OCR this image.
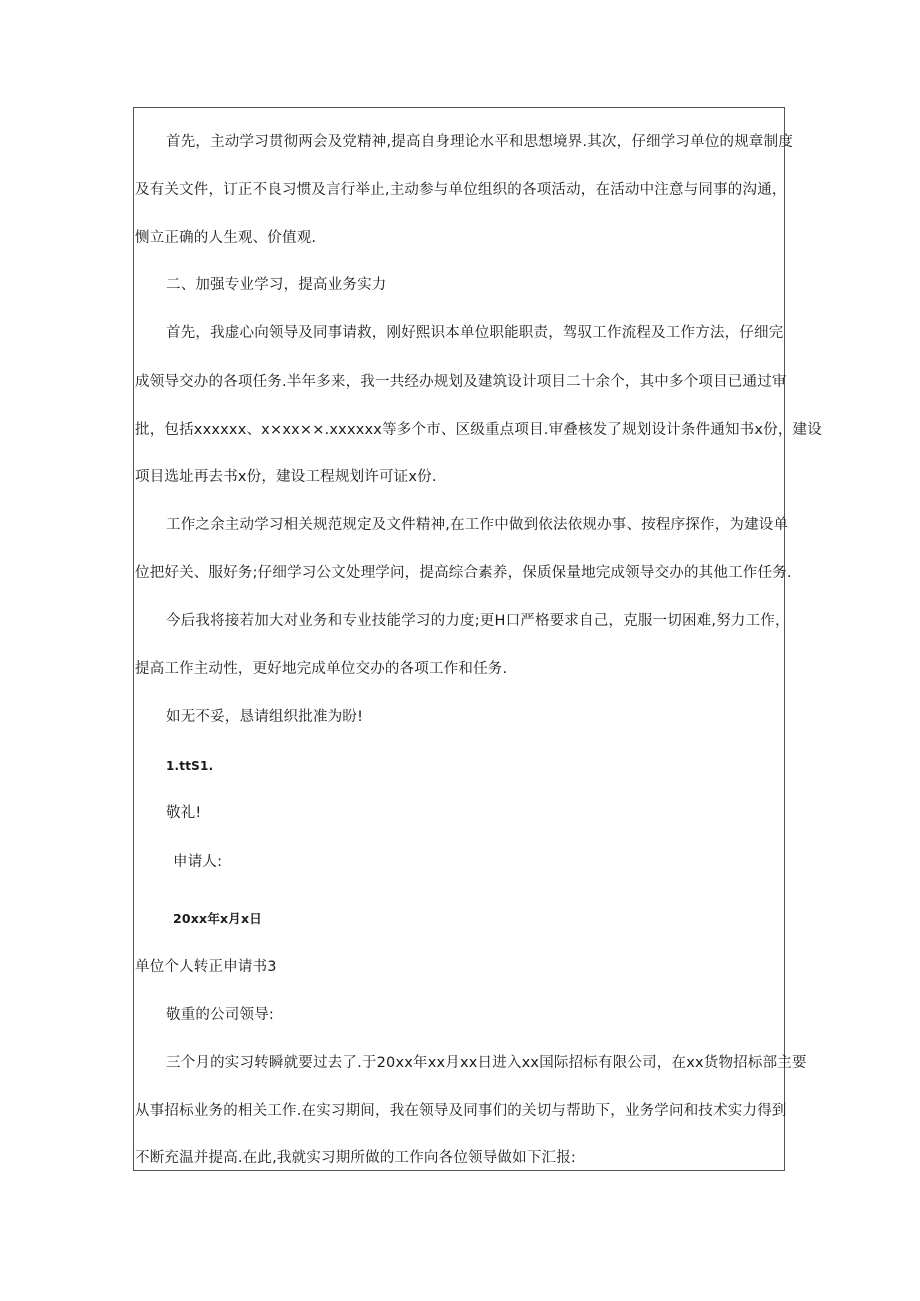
首先，主动学习贯彻两会及党精神,提高自身理论水平和思想境界.其次，仔细学习单位的规章制度
及有关文件，订正不良习惯及言行举止,主动参与单位组织的各项活动，在活动中注意与同事的沟通，
恻立正确的人生观、价值观.
二、加强专业学习，提高业务实力
首先，我虚心向领导及同事请救，刚好熙识本单位职能职责，驾驭工作流程及工作方法，仔细完
成领导交办的各项任务.半年多来，我一共经办规划及建筑设计项目二十余个，其中多个项目已通过审
批，包括xxxxxx、x×xx××.xxxxxx等多个市、区级重点项目.审叠核发了规划设计条件通知书x份，建设
项目选址再去书x份，建设工程规划许可证x份.
工作之余主动学习相关规范规定及文件精神,在工作中做到依法依规办事、按程序探作，为建设单
位把好关、服好务;仔细学习公文处理学问，提高综合素养，保质保量地完成领导交办的其他工作任务.
今后我将接若加大对业务和专业技能学习的力度;更H口严格要求自己，克服一切困难,努力工作，
提高工作主动性，更好地完成单位交办的各项工作和任务.
如无不妥，恳请组织批准为盼!
1.ttS1.
敬礼!
申请人:
20xx年x月x日
单位个人转正申请书3
敬重的公司领导:
三个月的实习转瞬就要过去了.于20xx年xx月xx日进入xx国际招标有限公司，在xx货物招标部主要
从事招标业务的相关工作.在实习期间，我在领导及同事们的关切与帮助下，业务学问和技术实力得到
不断充温并提高.在此,我就实习期所做的工作向各位领导做如下汇报:
